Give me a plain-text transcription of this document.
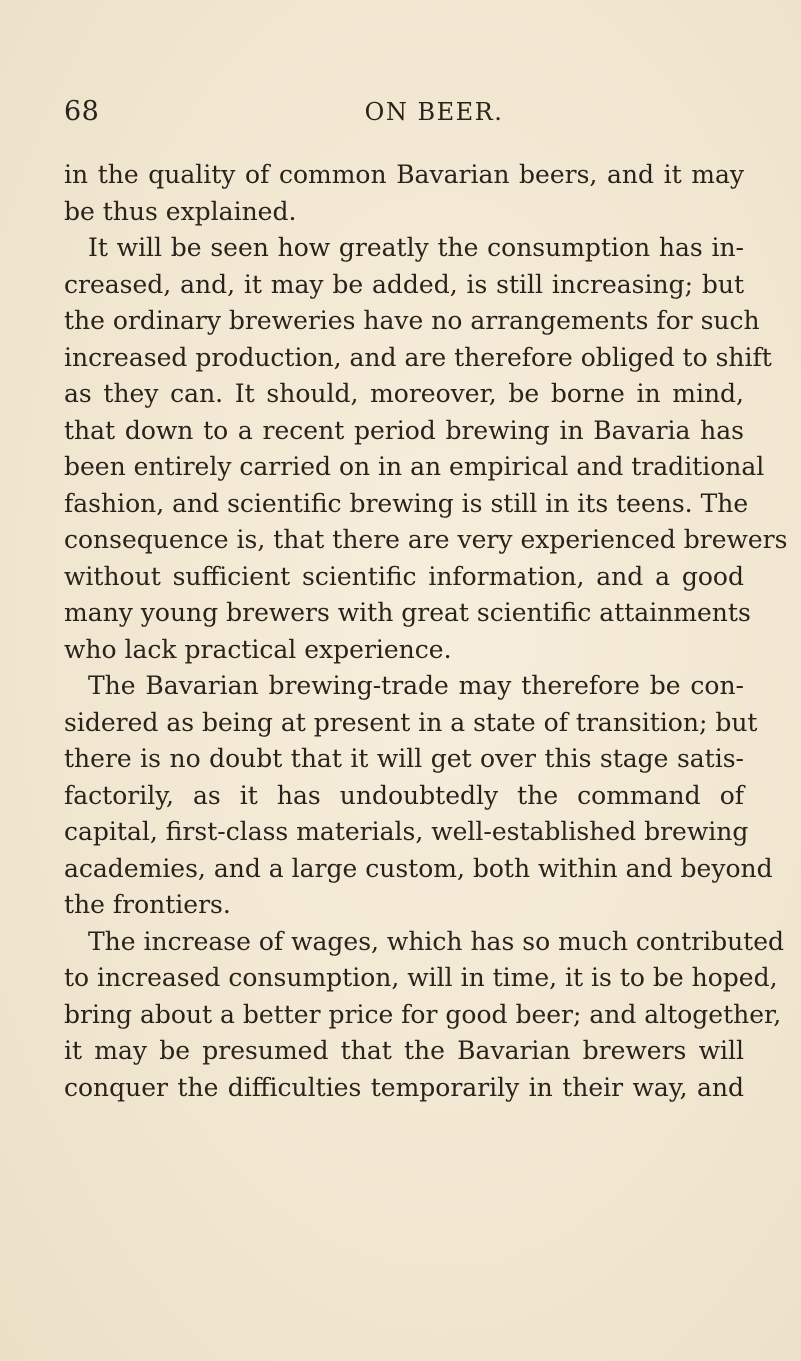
68	ON BEER.
in the quality of common Bavarian beers, and it may
be thus explained.
It will be seen how greatly the consumption has in-
creased, and, it may be added, is still increasing; but
the ordinary breweries have no arrangements for such
increased production, and are therefore obliged to shift
as they can. It should, moreover, be borne in mind,
that down to a recent period brewing in Bavaria has
been entirely carried on in an empirical and traditional
fashion, and scientific brewing is still in its teens. The
consequence is, that there are very experienced brewers
without sufficient scientific information, and a good
many young brewers with great scientific attainments
who lack practical experience.
The Bavarian brewing-trade may therefore be con-
sidered as being at present in a state of transition; but
there is no doubt that it will get over this stage satis-
factorily, as it has undoubtedly the command of
capital, first-class materials, well-established brewing
academies, and a large custom, both within and beyond
the frontiers.
The increase of wages, which has so much contributed
to increased consumption, will in time, it is to be hoped,
bring about a better price for good beer; and altogether,
it may be presumed that the Bavarian brewers will
conquer the difficulties temporarily in their way, and
